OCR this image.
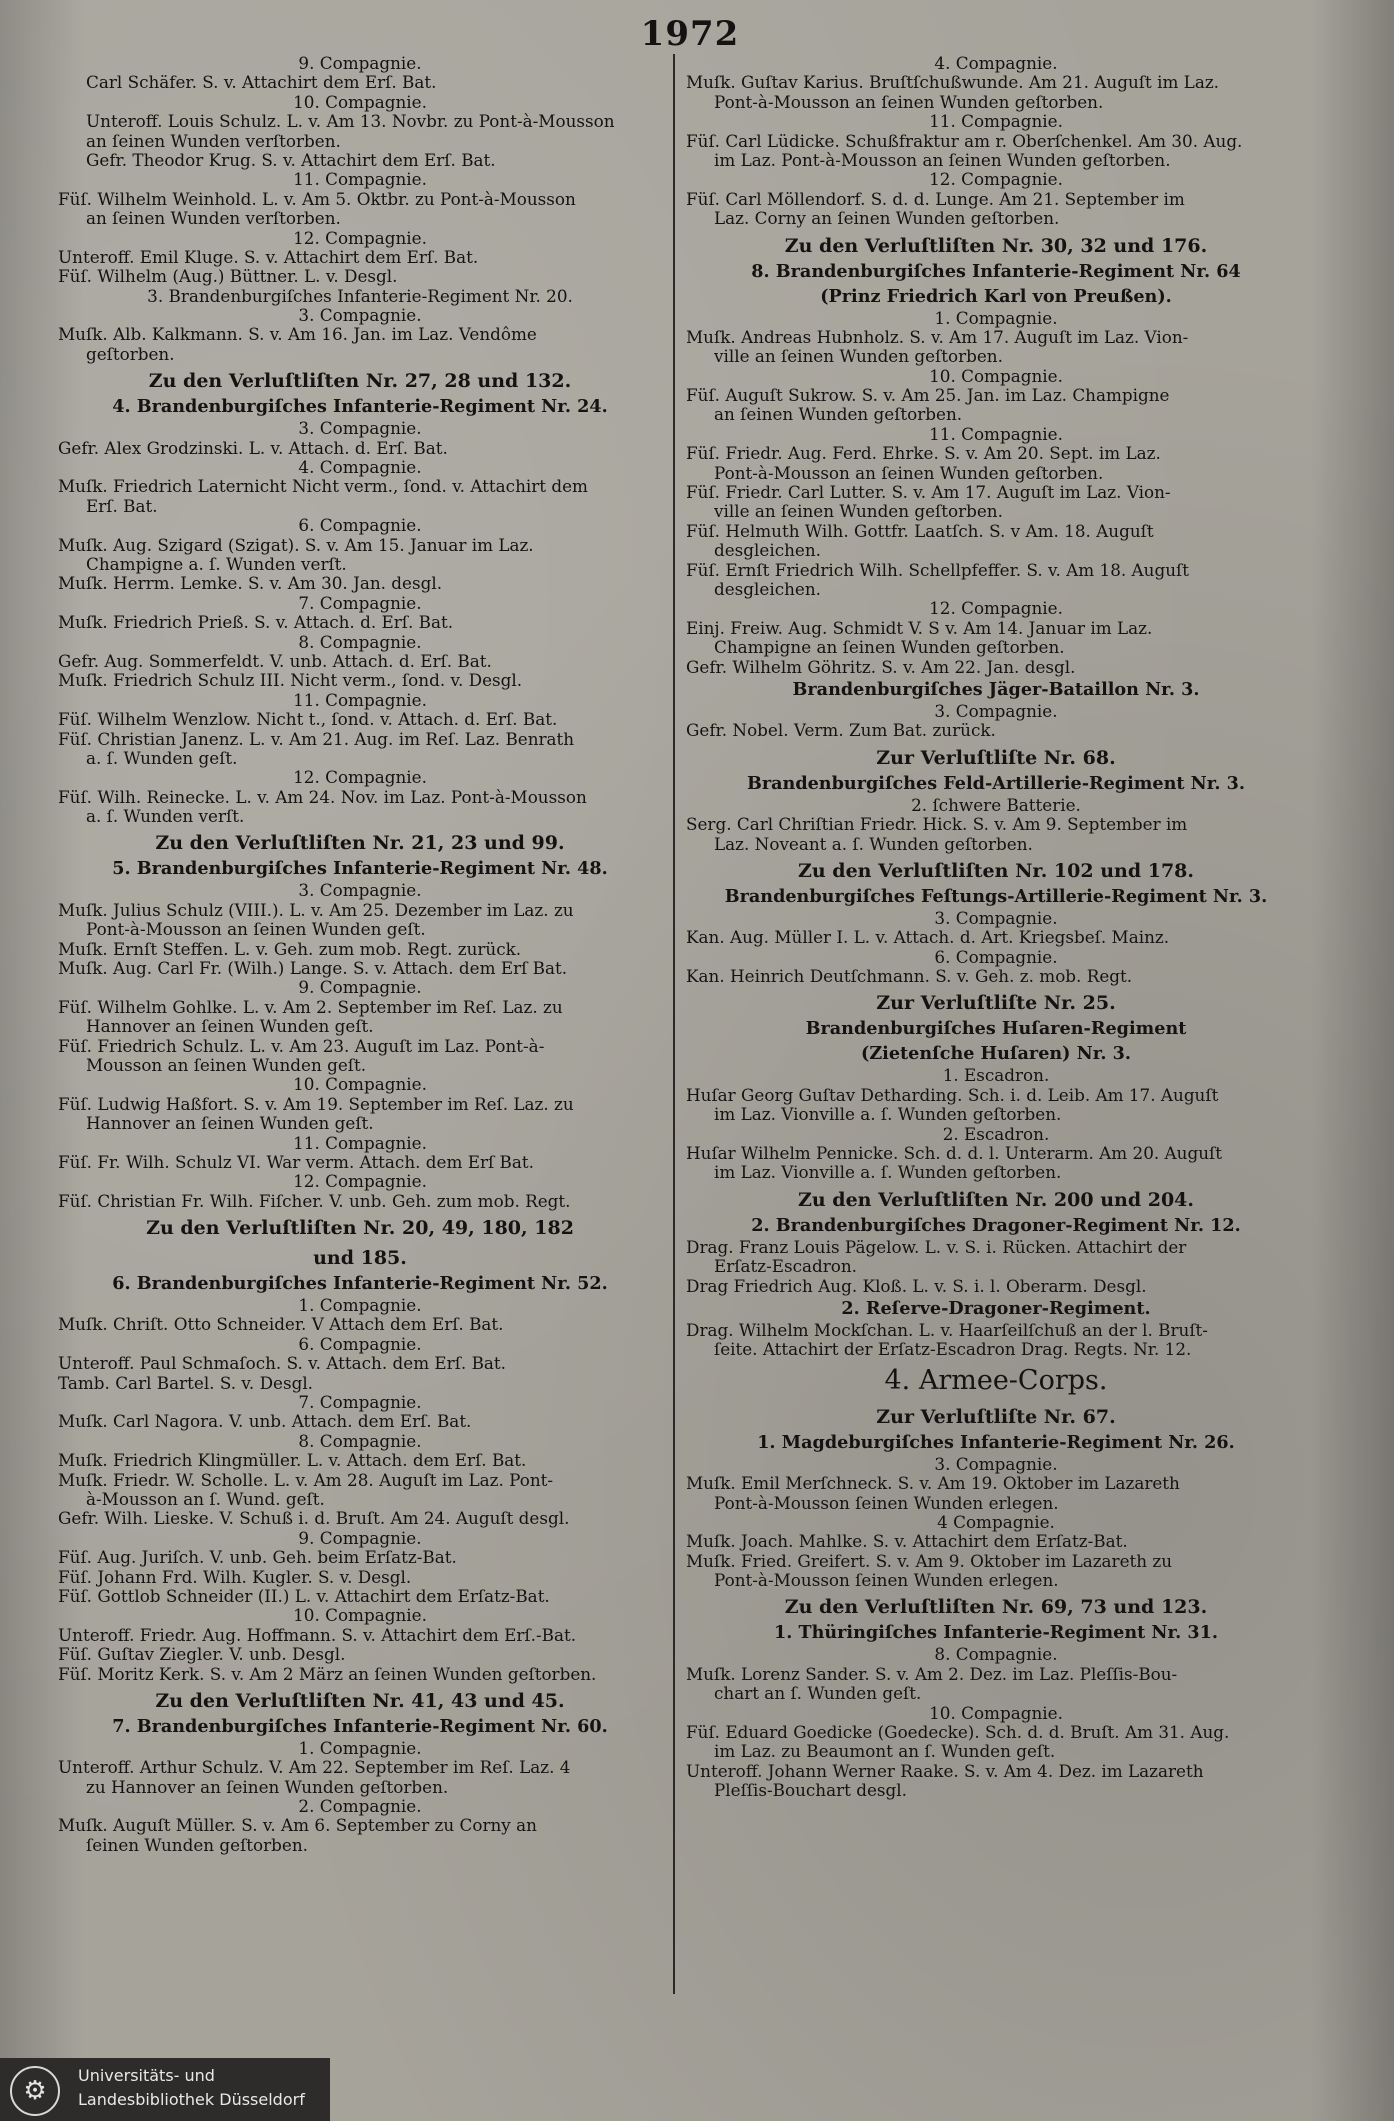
1972
9. Compagnie.
Carl Schäfer. S. v. Attachirt dem Erſ. Bat.
10. Compagnie.
Unteroff. Louis Schulz. L. v. Am 13. Novbr. zu Pont-à-Mousson
an ſeinen Wunden verſtorben.
Gefr. Theodor Krug. S. v. Attachirt dem Erſ. Bat.
11. Compagnie.
Füſ. Wilhelm Weinhold. L. v. Am 5. Oktbr. zu Pont-à-Mousson
an ſeinen Wunden verſtorben.
12. Compagnie.
Unteroff. Emil Kluge. S. v. Attachirt dem Erſ. Bat.
Füſ. Wilhelm (Aug.) Büttner. L. v. Desgl.
3. Brandenburgiſches Infanterie-Regiment Nr. 20.
3. Compagnie.
Muſk. Alb. Kalkmann. S. v. Am 16. Jan. im Laz. Vendôme
geſtorben.
Zu den Verluſtliſten Nr. 27, 28 und 132.
4. Brandenburgiſches Infanterie-Regiment Nr. 24.
3. Compagnie.
Gefr. Alex Grodzinski. L. v. Attach. d. Erſ. Bat.
4. Compagnie.
Muſk. Friedrich Laternicht Nicht verm., ſond. v. Attachirt dem
Erſ. Bat.
6. Compagnie.
Muſk. Aug. Szigard (Szigat). S. v. Am 15. Januar im Laz.
Champigne a. ſ. Wunden verſt.
Muſk. Herrm. Lemke. S. v. Am 30. Jan. desgl.
7. Compagnie.
Muſk. Friedrich Prieß. S. v. Attach. d. Erſ. Bat.
8. Compagnie.
Gefr. Aug. Sommerfeldt. V. unb. Attach. d. Erſ. Bat.
Muſk. Friedrich Schulz III. Nicht verm., ſond. v. Desgl.
11. Compagnie.
Füſ. Wilhelm Wenzlow. Nicht t., ſond. v. Attach. d. Erſ. Bat.
Füſ. Christian Janenz. L. v. Am 21. Aug. im Reſ. Laz. Benrath
a. ſ. Wunden geſt.
12. Compagnie.
Füſ. Wilh. Reinecke. L. v. Am 24. Nov. im Laz. Pont-à-Mousson
a. ſ. Wunden verſt.
Zu den Verluſtliſten Nr. 21, 23 und 99.
5. Brandenburgiſches Infanterie-Regiment Nr. 48.
3. Compagnie.
Muſk. Julius Schulz (VIII.). L. v. Am 25. Dezember im Laz. zu
Pont-à-Mousson an ſeinen Wunden geſt.
Muſk. Ernſt Steffen. L. v. Geh. zum mob. Regt. zurück.
Muſk. Aug. Carl Fr. (Wilh.) Lange. S. v. Attach. dem Erſ Bat.
9. Compagnie.
Füſ. Wilhelm Gohlke. L. v. Am 2. September im Reſ. Laz. zu
Hannover an ſeinen Wunden geſt.
Füſ. Friedrich Schulz. L. v. Am 23. Auguſt im Laz. Pont-à-
Mousson an ſeinen Wunden geſt.
10. Compagnie.
Füſ. Ludwig Haßfort. S. v. Am 19. September im Reſ. Laz. zu
Hannover an ſeinen Wunden geſt.
11. Compagnie.
Füſ. Fr. Wilh. Schulz VI. War verm. Attach. dem Erſ Bat.
12. Compagnie.
Füſ. Christian Fr. Wilh. Fiſcher. V. unb. Geh. zum mob. Regt.
Zu den Verluſtliſten Nr. 20, 49, 180, 182
und 185.
6. Brandenburgiſches Infanterie-Regiment Nr. 52.
1. Compagnie.
Muſk. Chriſt. Otto Schneider. V Attach dem Erſ. Bat.
6. Compagnie.
Unteroff. Paul Schmaſoch. S. v. Attach. dem Erſ. Bat.
Tamb. Carl Bartel. S. v. Desgl.
7. Compagnie.
Muſk. Carl Nagora. V. unb. Attach. dem Erſ. Bat.
8. Compagnie.
Muſk. Friedrich Klingmüller. L. v. Attach. dem Erſ. Bat.
Muſk. Friedr. W. Scholle. L. v. Am 28. Auguſt im Laz. Pont-
à-Mousson an ſ. Wund. geſt.
Gefr. Wilh. Lieske. V. Schuß i. d. Bruſt. Am 24. Auguſt desgl.
9. Compagnie.
Füſ. Aug. Juriſch. V. unb. Geh. beim Erſatz-Bat.
Füſ. Johann Frd. Wilh. Kugler. S. v. Desgl.
Füſ. Gottlob Schneider (II.) L. v. Attachirt dem Erſatz-Bat.
10. Compagnie.
Unteroff. Friedr. Aug. Hoffmann. S. v. Attachirt dem Erſ.-Bat.
Füſ. Guſtav Ziegler. V. unb. Desgl.
Füſ. Moritz Kerk. S. v. Am 2 März an ſeinen Wunden geſtorben.
Zu den Verluſtliſten Nr. 41, 43 und 45.
7. Brandenburgiſches Infanterie-Regiment Nr. 60.
1. Compagnie.
Unteroff. Arthur Schulz. V. Am 22. September im Reſ. Laz. 4
zu Hannover an ſeinen Wunden geſtorben.
2. Compagnie.
Muſk. Auguſt Müller. S. v. Am 6. September zu Corny an
ſeinen Wunden geſtorben.
4. Compagnie.
Muſk. Guſtav Karius. Bruſtſchußwunde. Am 21. Auguſt im Laz.
Pont-à-Mousson an ſeinen Wunden geſtorben.
11. Compagnie.
Füſ. Carl Lüdicke. Schußfraktur am r. Oberſchenkel. Am 30. Aug.
im Laz. Pont-à-Mousson an ſeinen Wunden geſtorben.
12. Compagnie.
Füſ. Carl Möllendorf. S. d. d. Lunge. Am 21. September im
Laz. Corny an ſeinen Wunden geſtorben.
Zu den Verluſtliſten Nr. 30, 32 und 176.
8. Brandenburgiſches Infanterie-Regiment Nr. 64
(Prinz Friedrich Karl von Preußen).
1. Compagnie.
Muſk. Andreas Hubnholz. S. v. Am 17. Auguſt im Laz. Vion-
ville an ſeinen Wunden geſtorben.
10. Compagnie.
Füſ. Auguſt Sukrow. S. v. Am 25. Jan. im Laz. Champigne
an ſeinen Wunden geſtorben.
11. Compagnie.
Füſ. Friedr. Aug. Ferd. Ehrke. S. v. Am 20. Sept. im Laz.
Pont-à-Mousson an ſeinen Wunden geſtorben.
Füſ. Friedr. Carl Lutter. S. v. Am 17. Auguſt im Laz. Vion-
ville an ſeinen Wunden geſtorben.
Füſ. Helmuth Wilh. Gottfr. Laatſch. S. v Am. 18. Auguſt
desgleichen.
Füſ. Ernſt Friedrich Wilh. Schellpfeffer. S. v. Am 18. Auguſt
desgleichen.
12. Compagnie.
Einj. Freiw. Aug. Schmidt V. S v. Am 14. Januar im Laz.
Champigne an ſeinen Wunden geſtorben.
Gefr. Wilhelm Göhritz. S. v. Am 22. Jan. desgl.
Brandenburgiſches Jäger-Bataillon Nr. 3.
3. Compagnie.
Gefr. Nobel. Verm. Zum Bat. zurück.
Zur Verluſtliſte Nr. 68.
Brandenburgiſches Feld-Artillerie-Regiment Nr. 3.
2. ſchwere Batterie.
Serg. Carl Chriſtian Friedr. Hick. S. v. Am 9. September im
Laz. Noveant a. ſ. Wunden geſtorben.
Zu den Verluſtliſten Nr. 102 und 178.
Brandenburgiſches Feſtungs-Artillerie-Regiment Nr. 3.
3. Compagnie.
Kan. Aug. Müller I. L. v. Attach. d. Art. Kriegsbeſ. Mainz.
6. Compagnie.
Kan. Heinrich Deutſchmann. S. v. Geh. z. mob. Regt.
Zur Verluſtliſte Nr. 25.
Brandenburgiſches Huſaren-Regiment
(Zietenſche Huſaren) Nr. 3.
1. Escadron.
Huſar Georg Guſtav Detharding. Sch. i. d. Leib. Am 17. Auguſt
im Laz. Vionville a. ſ. Wunden geſtorben.
2. Escadron.
Huſar Wilhelm Pennicke. Sch. d. d. l. Unterarm. Am 20. Auguſt
im Laz. Vionville a. ſ. Wunden geſtorben.
Zu den Verluſtliſten Nr. 200 und 204.
2. Brandenburgiſches Dragoner-Regiment Nr. 12.
Drag. Franz Louis Pägelow. L. v. S. i. Rücken. Attachirt der
Erſatz-Escadron.
Drag Friedrich Aug. Kloß. L. v. S. i. l. Oberarm. Desgl.
2. Reſerve-Dragoner-Regiment.
Drag. Wilhelm Mockſchan. L. v. Haarſeilſchuß an der l. Bruſt-
ſeite. Attachirt der Erſatz-Escadron Drag. Regts. Nr. 12.
4. Armee-Corps.
Zur Verluſtliſte Nr. 67.
1. Magdeburgiſches Infanterie-Regiment Nr. 26.
3. Compagnie.
Muſk. Emil Merſchneck. S. v. Am 19. Oktober im Lazareth
Pont-à-Mousson ſeinen Wunden erlegen.
4 Compagnie.
Muſk. Joach. Mahlke. S. v. Attachirt dem Erſatz-Bat.
Muſk. Fried. Greifert. S. v. Am 9. Oktober im Lazareth zu
Pont-à-Mousson ſeinen Wunden erlegen.
Zu den Verluſtliſten Nr. 69, 73 und 123.
1. Thüringiſches Infanterie-Regiment Nr. 31.
8. Compagnie.
Muſk. Lorenz Sander. S. v. Am 2. Dez. im Laz. Pleſſis-Bou-
chart an ſ. Wunden geſt.
10. Compagnie.
Füſ. Eduard Goedicke (Goedecke). Sch. d. d. Bruſt. Am 31. Aug.
im Laz. zu Beaumont an ſ. Wunden geſt.
Unteroff. Johann Werner Raake. S. v. Am 4. Dez. im Lazareth
Pleſſis-Bouchart desgl.
⚙
Universitäts- und
Landesbibliothek Düsseldorf
